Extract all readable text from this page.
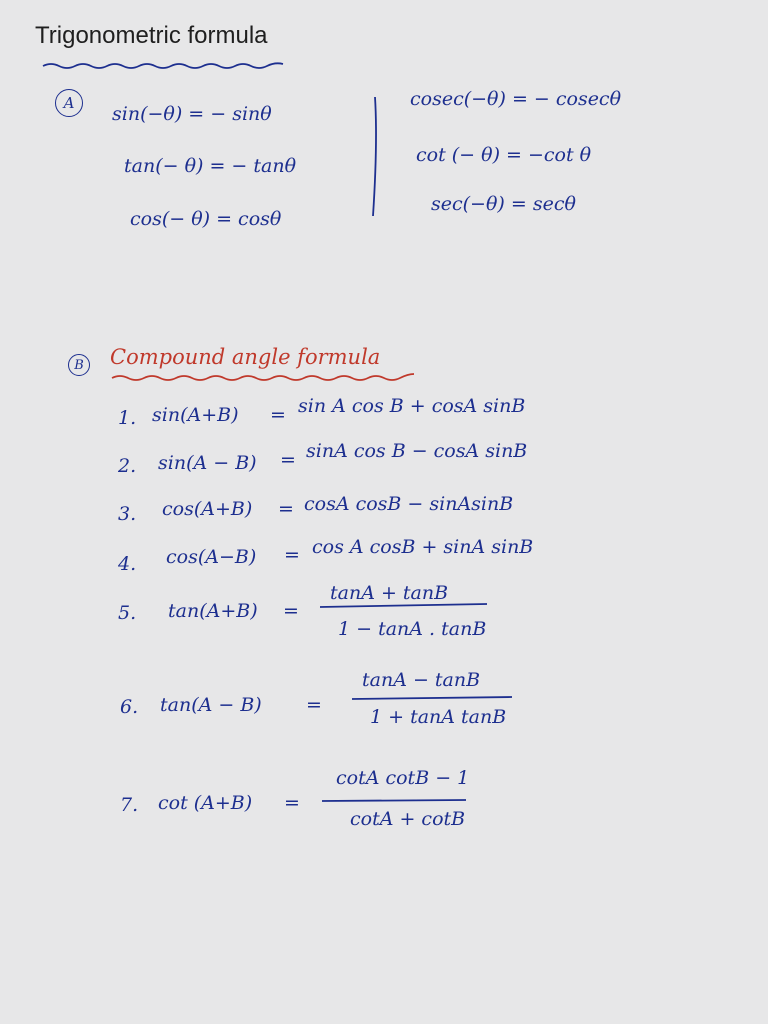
Trigonometric formula
A	sin(−θ) = − sinθ
tan(− θ) = − tanθ
cos(− θ) = cosθ
cosec(−θ) = − cosecθ
cot (− θ) = −cot θ
sec(−θ) = secθ
B Compound angle formula
1. sin(A+B) = sin A cos B + cosA sinB
2. sin(A − B) = sinA cos B − cosA sinB
3. cos(A+B) = cosA cosB − sinAsinB
4. cos(A−B) = cos A cosB + sinA sinB
5. tan(A+B) =
tanA + tanB
1 − tanA . tanB
6. tan(A − B) =
tanA − tanB
1 + tanA tanB
7. cot (A+B) =
cotA cotB − 1
cotA + cotB
